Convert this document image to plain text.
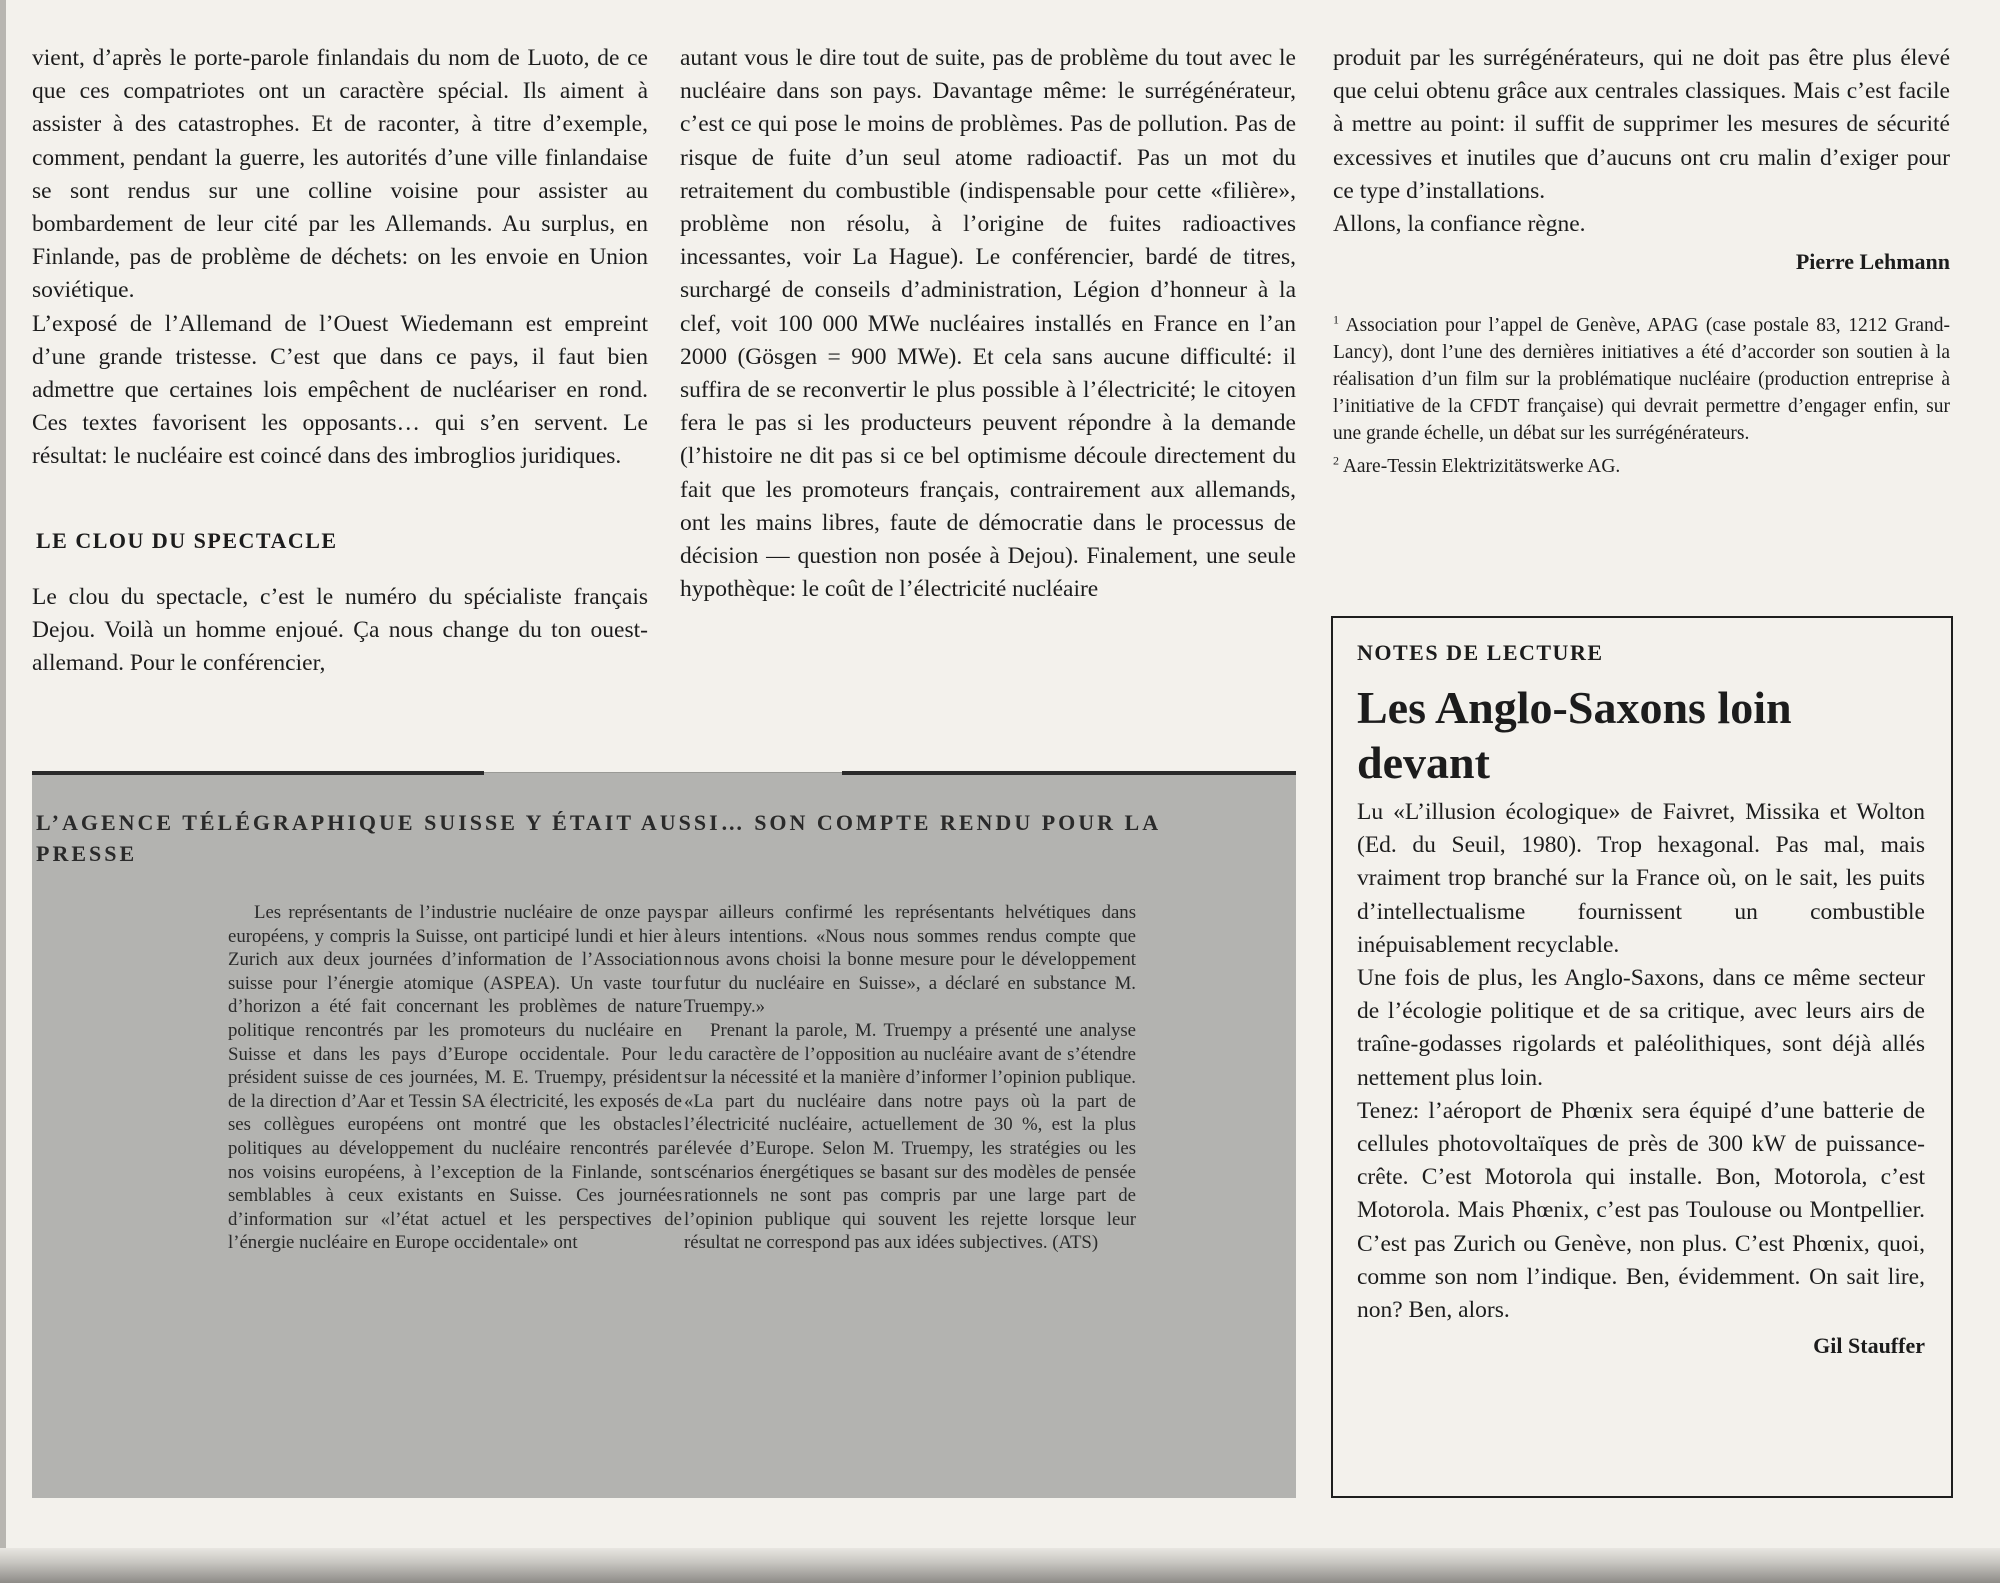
vient, d’après le porte-parole finlandais du nom de Luoto, de ce que ces compatriotes ont un caractère spécial. Ils aiment à assister à des catastrophes. Et de raconter, à titre d’exemple, comment, pendant la guerre, les autorités d’une ville finlandaise se sont rendus sur une colline voisine pour assister au bombardement de leur cité par les Allemands. Au surplus, en Finlande, pas de problème de déchets: on les envoie en Union soviétique.

L’exposé de l’Allemand de l’Ouest Wiedemann est empreint d’une grande tristesse. C’est que dans ce pays, il faut bien admettre que certaines lois empêchent de nucléariser en rond. Ces textes favorisent les opposants… qui s’en servent. Le résultat: le nucléaire est coincé dans des imbroglios juridiques.

LE CLOU DU SPECTACLE

Le clou du spectacle, c’est le numéro du spécialiste français Dejou. Voilà un homme enjoué. Ça nous change du ton ouest-allemand. Pour le conférencier,

autant vous le dire tout de suite, pas de problème du tout avec le nucléaire dans son pays. Davantage même: le surrégénérateur, c’est ce qui pose le moins de problèmes. Pas de pollution. Pas de risque de fuite d’un seul atome radioactif. Pas un mot du retraitement du combustible (indispensable pour cette «filière», problème non résolu, à l’origine de fuites radioactives incessantes, voir La Hague). Le conférencier, bardé de titres, surchargé de conseils d’administration, Légion d’honneur à la clef, voit 100 000 MWe nucléaires installés en France en l’an 2000 (Gösgen = 900 MWe). Et cela sans aucune difficulté: il suffira de se reconvertir le plus possible à l’électricité; le citoyen fera le pas si les producteurs peuvent répondre à la demande (l’histoire ne dit pas si ce bel optimisme découle directement du fait que les promoteurs français, contrairement aux allemands, ont les mains libres, faute de démocratie dans le processus de décision — question non posée à Dejou). Finalement, une seule hypothèque: le coût de l’électricité nucléaire

produit par les surrégénérateurs, qui ne doit pas être plus élevé que celui obtenu grâce aux centrales classiques. Mais c’est facile à mettre au point: il suffit de supprimer les mesures de sécurité excessives et inutiles que d’aucuns ont cru malin d’exiger pour ce type d’installations.

Allons, la confiance règne.

Pierre Lehmann

$^1$ Association pour l’appel de Genève, APAG (case postale 83, 1212 Grand-Lancy), dont l’une des dernières initiatives a été d’accorder son soutien à la réalisation d’un film sur la problématique nucléaire (production entreprise à l’initiative de la CFDT française) qui devrait permettre d’engager enfin, sur une grande échelle, un débat sur les surrégénérateurs.

$^2$ Aare-Tessin Elektrizitätswerke AG.

L’AGENCE TÉLÉGRAPHIQUE SUISSE Y ÉTAIT AUSSI… SON COMPTE RENDU POUR LA PRESSE

Les représentants de l’industrie nucléaire de onze pays européens, y compris la Suisse, ont participé lundi et hier à Zurich aux deux journées d’information de l’Association suisse pour l’énergie atomique (ASPEA). Un vaste tour d’horizon a été fait concernant les problèmes de nature politique rencontrés par les promoteurs du nucléaire en Suisse et dans les pays d’Europe occidentale. Pour le président suisse de ces journées, M. E. Truempy, président de la direction d’Aar et Tessin SA électricité, les exposés de ses collègues européens ont montré que les obstacles politiques au développement du nucléaire rencontrés par nos voisins européens, à l’exception de la Finlande, sont semblables à ceux existants en Suisse. Ces journées d’information sur «l’état actuel et les perspectives de l’énergie nucléaire en Europe occidentale» ont

par ailleurs confirmé les représentants helvétiques dans leurs intentions. «Nous nous sommes rendus compte que nous avons choisi la bonne mesure pour le développement futur du nucléaire en Suisse», a déclaré en substance M. Truempy.»

Prenant la parole, M. Truempy a présenté une analyse du caractère de l’opposition au nucléaire avant de s’étendre sur la nécessité et la manière d’informer l’opinion publique. «La part du nucléaire dans notre pays où la part de l’électricité nucléaire, actuellement de 30 %, est la plus élevée d’Europe. Selon M. Truempy, les stratégies ou les scénarios énergétiques se basant sur des modèles de pensée rationnels ne sont pas compris par une large part de l’opinion publique qui souvent les rejette lorsque leur résultat ne correspond pas aux idées subjectives. (ATS)

NOTES DE LECTURE
Les Anglo-Saxons loin devant

Lu «L’illusion écologique» de Faivret, Missika et Wolton (Ed. du Seuil, 1980). Trop hexagonal. Pas mal, mais vraiment trop branché sur la France où, on le sait, les puits d’intellectualisme fournissent un combustible inépuisablement recyclable.

Une fois de plus, les Anglo-Saxons, dans ce même secteur de l’écologie politique et de sa critique, avec leurs airs de traîne-godasses rigolards et paléolithiques, sont déjà allés nettement plus loin.

Tenez: l’aéroport de Phœnix sera équipé d’une batterie de cellules photovoltaïques de près de 300 kW de puissance-crête. C’est Motorola qui installe. Bon, Motorola, c’est Motorola. Mais Phœnix, c’est pas Toulouse ou Montpellier. C’est pas Zurich ou Genève, non plus. C’est Phœnix, quoi, comme son nom l’indique. Ben, évidemment. On sait lire, non? Ben, alors.

Gil Stauffer
